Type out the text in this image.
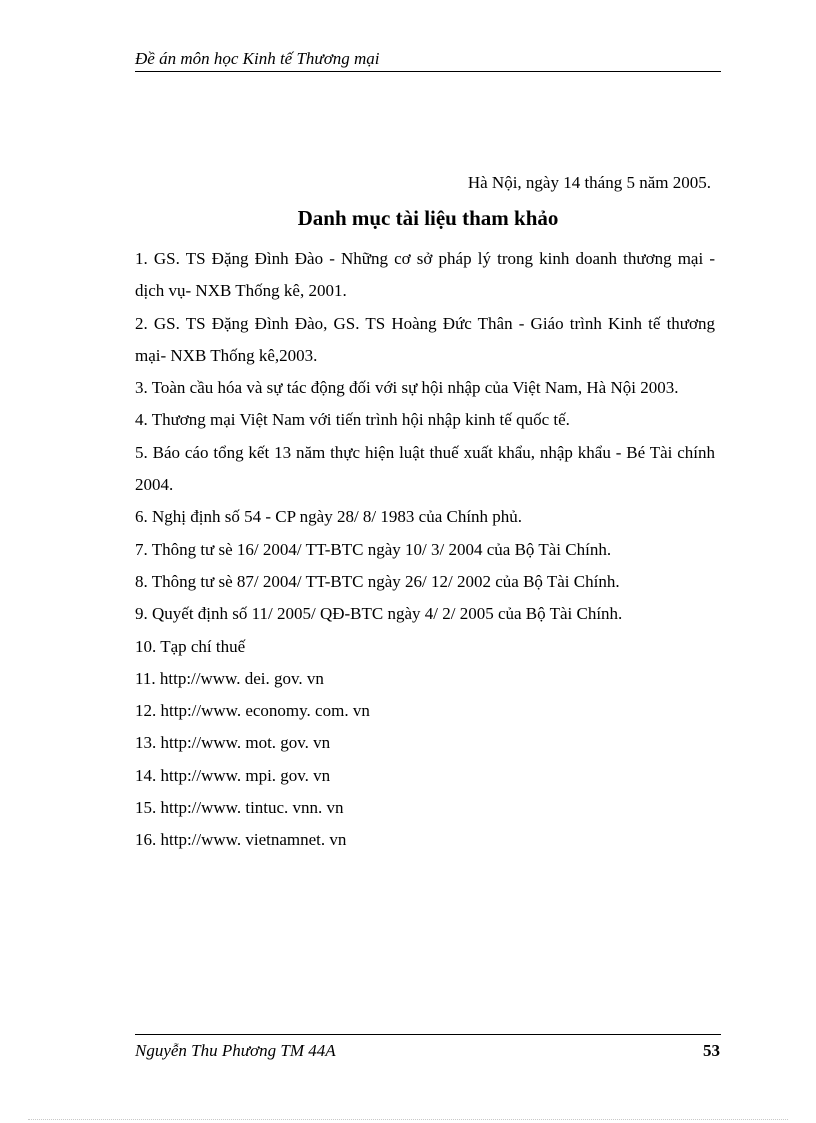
Đề án môn học Kinh tế Thương mại
Hà Nội, ngày 14 tháng 5 năm 2005.
Danh mục tài liệu tham khảo
1. GS. TS Đặng Đình Đào - Những cơ sở pháp lý trong kinh doanh thương mại - dịch vụ- NXB Thống kê, 2001.
2. GS. TS Đặng Đình Đào, GS. TS Hoàng Đức Thân - Giáo trình Kinh tế thương mại- NXB Thống kê,2003.
3. Toàn cầu hóa và sự tác động đối với sự hội nhập của Việt Nam, Hà Nội 2003.
4. Thương mại Việt Nam với tiến trình hội nhập kinh tế quốc tế.
5. Báo cáo tổng kết 13 năm thực hiện luật thuế xuất khẩu, nhập khẩu - Bé Tài chính 2004.
6. Nghị định số 54 - CP ngày 28/ 8/ 1983 của Chính phủ.
7. Thông tư sè 16/ 2004/ TT-BTC ngày 10/ 3/ 2004 của Bộ Tài Chính.
8. Thông tư sè 87/ 2004/ TT-BTC ngày 26/ 12/ 2002 của Bộ Tài Chính.
9. Quyết định số 11/ 2005/ QĐ-BTC ngày 4/ 2/ 2005 của Bộ Tài Chính.
10. Tạp chí thuế
11. http://www. dei. gov. vn
12. http://www. economy. com. vn
13. http://www. mot. gov. vn
14. http://www. mpi. gov. vn
15. http://www. tintuc. vnn. vn
16. http://www. vietnamnet. vn
Nguyễn Thu Phương TM 44A	53
